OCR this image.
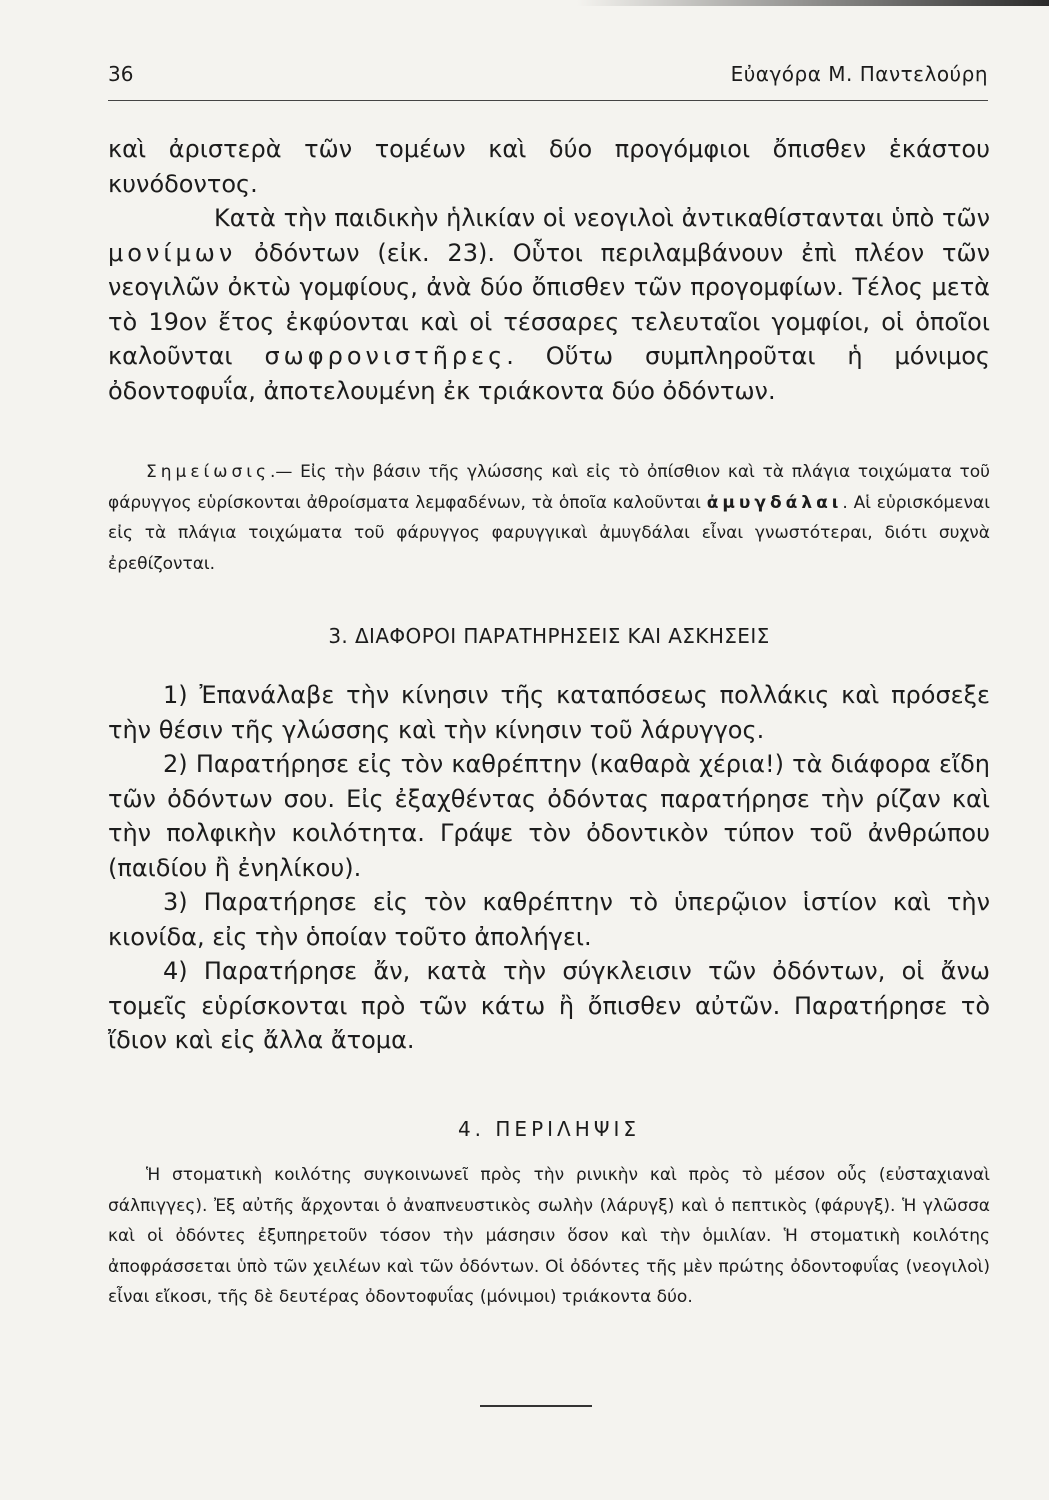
36	Εὐαγόρα Μ. Παντελούρη

καὶ ἀριστερὰ τῶν τομέων καὶ δύο προγόμφιοι ὄπισθεν ἑκάστου κυνόδοντος.

Κατὰ τὴν παιδικὴν ἡλικίαν οἱ νεογιλοὶ ἀντικαθίστανται ὑπὸ τῶν μονίμων ὀδόντων (εἰκ. 23). Οὗτοι περιλαμβάνουν ἐπὶ πλέον τῶν νεογιλῶν ὀκτὼ γομφίους, ἀνὰ δύο ὄπισθεν τῶν προγομφίων. Τέλος μετὰ τὸ 19ον ἔτος ἐκφύονται καὶ οἱ τέσσαρες τελευταῖοι γομφίοι, οἱ ὁποῖοι καλοῦνται σωφρονιστῆρες. Οὕτω συμπληροῦται ἡ μόνιμος ὀδοντοφυΐα, ἀποτελουμένη ἐκ τριάκοντα δύο ὀδόντων.

Σημείωσις.— Εἰς τὴν βάσιν τῆς γλώσσης καὶ εἰς τὸ ὀπίσθιον καὶ τὰ πλάγια τοιχώματα τοῦ φάρυγγος εὑρίσκονται ἀθροίσματα λεμφαδένων, τὰ ὁποῖα καλοῦνται ἀμυγδάλαι. Αἱ εὑρισκόμεναι εἰς τὰ πλάγια τοιχώματα τοῦ φάρυγγος φαρυγγικαὶ ἀμυγδάλαι εἶναι γνωστότεραι, διότι συχνὰ ἐρεθίζονται.

3. ΔΙΑΦΟΡΟΙ ΠΑΡΑΤΗΡΗΣΕΙΣ ΚΑΙ ΑΣΚΗΣΕΙΣ

1) Ἐπανάλαβε τὴν κίνησιν τῆς καταπόσεως πολλάκις καὶ πρόσεξε τὴν θέσιν τῆς γλώσσης καὶ τὴν κίνησιν τοῦ λάρυγγος.

2) Παρατήρησε εἰς τὸν καθρέπτην (καθαρὰ χέρια!) τὰ διάφορα εἴδη τῶν ὀδόντων σου. Εἰς ἐξαχθέντας ὀδόντας παρατήρησε τὴν ρίζαν καὶ τὴν πολφικὴν κοιλότητα. Γράψε τὸν ὀδοντικὸν τύπον τοῦ ἀνθρώπου (παιδίου ἢ ἐνηλίκου).

3) Παρατήρησε εἰς τὸν καθρέπτην τὸ ὑπερῷιον ἱστίον καὶ τὴν κιονίδα, εἰς τὴν ὁποίαν τοῦτο ἀπολήγει.

4) Παρατήρησε ἄν, κατὰ τὴν σύγκλεισιν τῶν ὀδόντων, οἱ ἄνω τομεῖς εὑρίσκονται πρὸ τῶν κάτω ἢ ὄπισθεν αὐτῶν. Παρατήρησε τὸ ἴδιον καὶ εἰς ἄλλα ἄτομα.

4. ΠΕΡΙΛΗΨΙΣ

Ἡ στοματικὴ κοιλότης συγκοινωνεῖ πρὸς τὴν ρινικὴν καὶ πρὸς τὸ μέσον οὖς (εὐσταχιαναὶ σάλπιγγες). Ἐξ αὐτῆς ἄρχονται ὁ ἀναπνευστικὸς σωλὴν (λάρυγξ) καὶ ὁ πεπτικὸς (φάρυγξ). Ἡ γλῶσσα καὶ οἱ ὀδόντες ἐξυπηρετοῦν τόσον τὴν μάσησιν ὅσον καὶ τὴν ὁμιλίαν. Ἡ στοματικὴ κοιλότης ἀποφράσσεται ὑπὸ τῶν χειλέων καὶ τῶν ὀδόντων. Οἱ ὀδόντες τῆς μὲν πρώτης ὀδοντοφυΐας (νεογιλοὶ) εἶναι εἴκοσι, τῆς δὲ δευτέρας ὀδοντοφυΐας (μόνιμοι) τριάκοντα δύο.
